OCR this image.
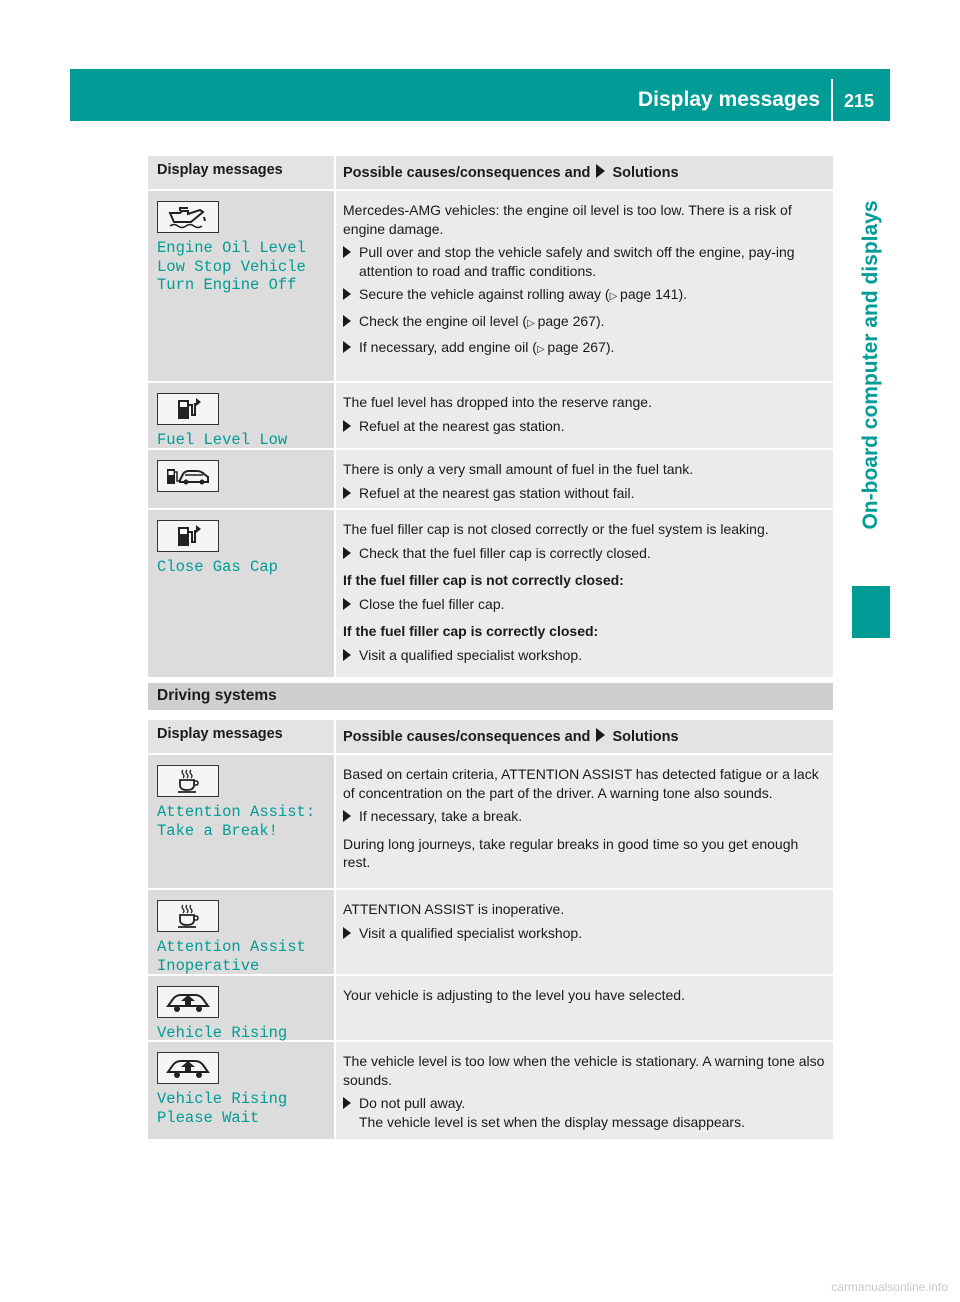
Display messages 215
On-board computer and displays
Display messages	Possible causes/consequences and Solutions
Engine Oil Level
Low Stop Vehicle
Turn Engine Off
Mercedes-AMG vehicles: the engine oil level is too low. There is a risk of engine damage.
Pull over and stop the vehicle safely and switch off the engine, pay-ing attention to road and traffic conditions.
Secure the vehicle against rolling away (▷ page 141).
Check the engine oil level (▷ page 267).
If necessary, add engine oil (▷ page 267).
Fuel Level Low
The fuel level has dropped into the reserve range.
Refuel at the nearest gas station.
There is only a very small amount of fuel in the fuel tank.
Refuel at the nearest gas station without fail.
Close Gas Cap
The fuel filler cap is not closed correctly or the fuel system is leaking.
Check that the fuel filler cap is correctly closed.
If the fuel filler cap is not correctly closed:
Close the fuel filler cap.
If the fuel filler cap is correctly closed:
Visit a qualified specialist workshop.
Driving systems
Display messages	Possible causes/consequences and Solutions
Attention Assist:
Take a Break!
Based on certain criteria, ATTENTION ASSIST has detected fatigue or a lack of concentration on the part of the driver. A warning tone also sounds.
If necessary, take a break.
During long journeys, take regular breaks in good time so you get enough rest.
Attention Assist
Inoperative
ATTENTION ASSIST is inoperative.
Visit a qualified specialist workshop.
Vehicle Rising
Your vehicle is adjusting to the level you have selected.
Vehicle Rising
Please Wait
The vehicle level is too low when the vehicle is stationary. A warning tone also sounds.
Do not pull away.
The vehicle level is set when the display message disappears.
carmanualsonline.info
